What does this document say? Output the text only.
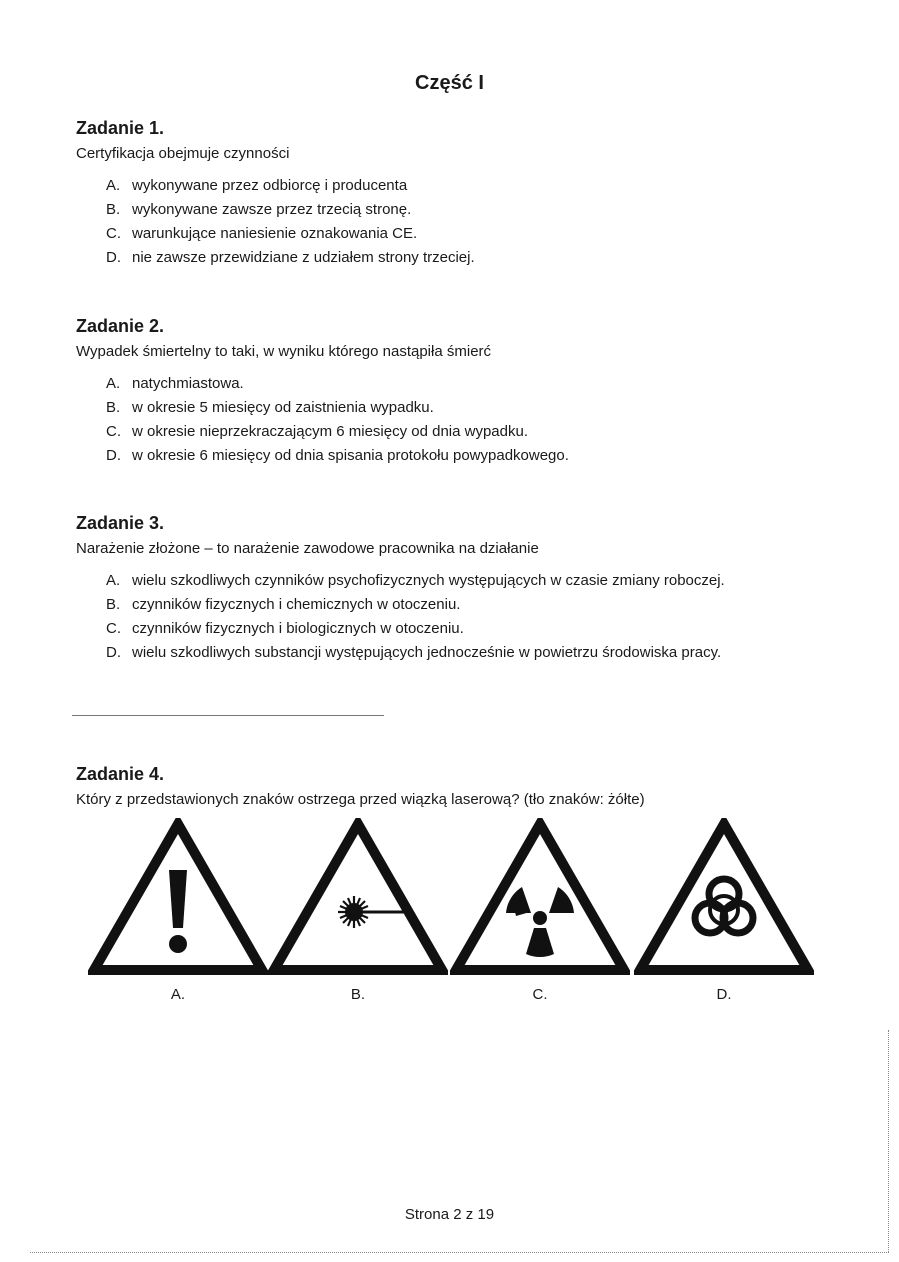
Część I
Zadanie 1.

Certyfikacja obejmuje czynności

A. wykonywane przez odbiorcę i producenta
B. wykonywane zawsze przez trzecią stronę.
C. warunkujące naniesienie oznakowania CE.
D. nie zawsze przewidziane z udziałem strony trzeciej.
Zadanie 2.

Wypadek śmiertelny to taki, w wyniku którego nastąpiła śmierć

A. natychmiastowa.
B. w okresie 5 miesięcy od zaistnienia wypadku.
C. w okresie nieprzekraczającym 6 miesięcy od dnia wypadku.
D. w okresie 6 miesięcy od dnia spisania protokołu powypadkowego.
Zadanie 3.

Narażenie złożone – to narażenie zawodowe pracownika na działanie

A. wielu szkodliwych czynników psychofizycznych występujących w czasie zmiany roboczej.
B. czynników fizycznych i chemicznych w otoczeniu.
C. czynników fizycznych i biologicznych w otoczeniu.
D. wielu szkodliwych substancji występujących jednocześnie w powietrzu środowiska pracy.
Zadanie 4.

Który z przedstawionych znaków ostrzega przed wiązką laserową? (tło znaków: żółte)

A.	B.	C.	D.
Strona 2 z 19
